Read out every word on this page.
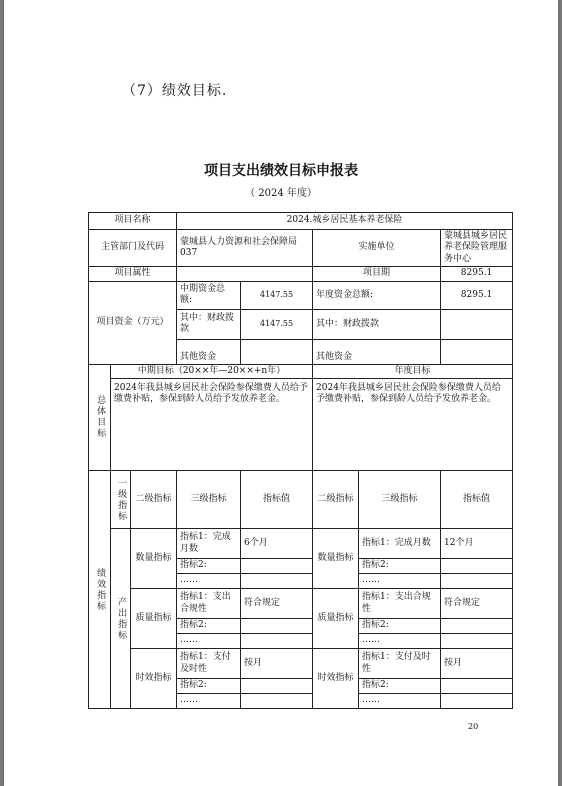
（7）绩效目标.
项目支出绩效目标申报表
（ 2024 年度）
项目名称			2024.城乡居民基本养老保险				
主管部门及代码			蒙城县人力资源和社会保障局 037		实施单位		蒙城县城乡居民养老保险管理服务中心
项目属性					项目期		8295.1
项目资金（万元）			中期资金总额:	4147.55	年度资金总额:		8295.1
			其中：财政拨款	4147.55	其中：财政拨款		
			其他资金		其他资金		

总体目标	中期目标（20××年—20××+n年）				年度目标		
	2024年我县城乡居民社会保险参保缴费人员给予缴费补贴，参保到龄人员给予发放养老金。				2024年我县城乡居民社会保险参保缴费人员给予缴费补贴，参保到龄人员给予发放养老金。		

绩效指标	一级指标	二级指标	三级指标	指标值	二级指标	三级指标	指标值

	产出指标	数量指标	指标1：完成月数	6个月	数量指标	指标1：完成月数	12个月
			指标2:			指标2:	
			……			……	
		质量指标	指标1：支出合规性	符合规定	质量指标	指标1：支出合规性	符合规定
			指标2:			指标2:	
			……			……	
		时效指标	指标1：支付及时性	按月	时效指标	指标1：支付及时性	按月
			指标2:			指标2:	
			……			……	
20
